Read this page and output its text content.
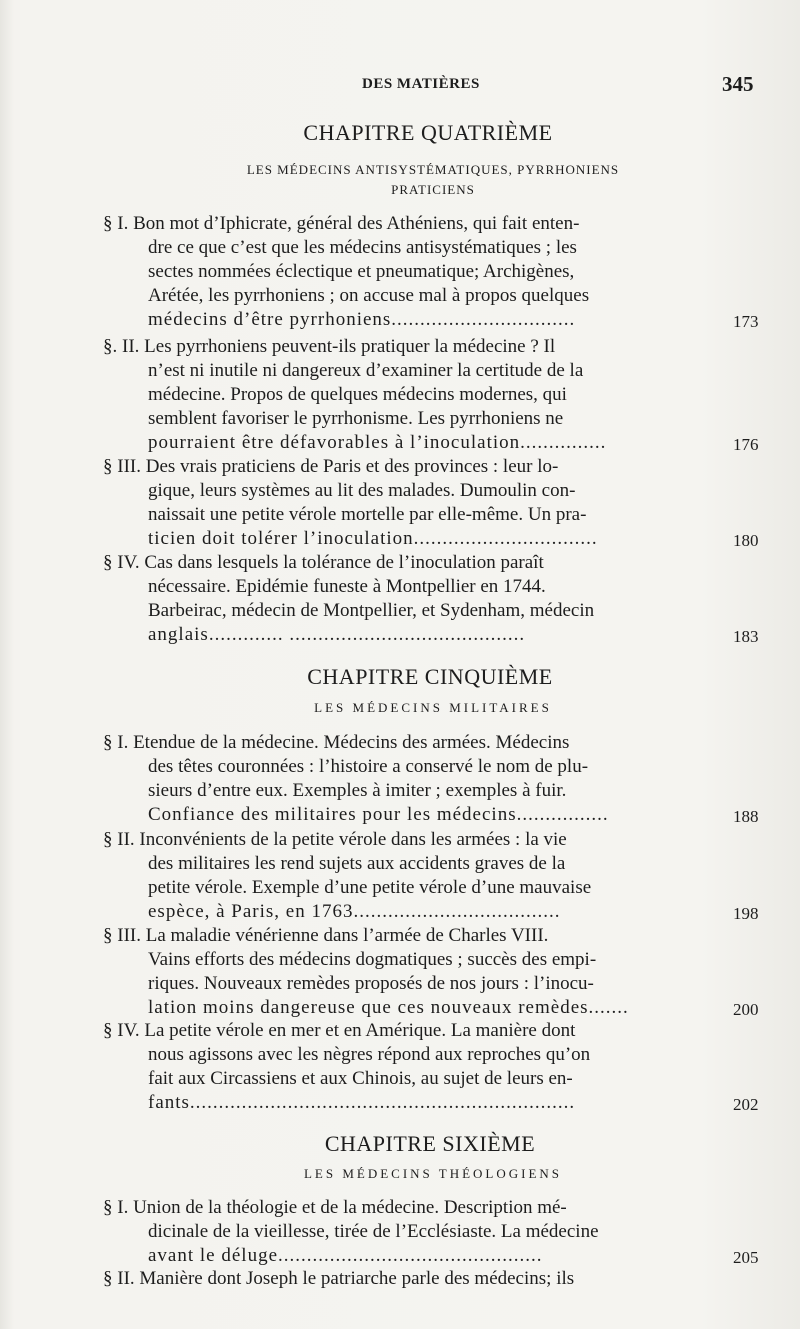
DES MATIÈRES	345
CHAPITRE QUATRIÈME
LES MÉDECINS ANTISYSTÉMATIQUES, PYRRHONIENS
PRATICIENS
§ I. Bon mot d’Iphicrate, général des Athéniens, qui fait enten-
dre ce que c’est que les médecins antisystématiques ; les
sectes nommées éclectique et pneumatique; Archigènes,
Arétée, les pyrrhoniens ; on accuse mal à propos quelques
médecins d’être pyrrhoniens................................	173
§. II. Les pyrrhoniens peuvent-ils pratiquer la médecine ? Il
n’est ni inutile ni dangereux d’examiner la certitude de la
médecine. Propos de quelques médecins modernes, qui
semblent favoriser le pyrrhonisme. Les pyrrhoniens ne
pourraient être défavorables à l’inoculation...............	176
§ III. Des vrais praticiens de Paris et des provinces : leur lo-
gique, leurs systèmes au lit des malades. Dumoulin con-
naissait une petite vérole mortelle par elle-même. Un pra-
ticien doit tolérer l’inoculation................................	180
§ IV. Cas dans lesquels la tolérance de l’inoculation paraît
nécessaire. Epidémie funeste à Montpellier en 1744.
Barbeirac, médecin de Montpellier, et Sydenham, médecin
anglais............. .........................................	183
CHAPITRE CINQUIÈME
LES MÉDECINS MILITAIRES
§ I. Etendue de la médecine. Médecins des armées. Médecins
des têtes couronnées : l’histoire a conservé le nom de plu-
sieurs d’entre eux. Exemples à imiter ; exemples à fuir.
Confiance des militaires pour les médecins................	188
§ II. Inconvénients de la petite vérole dans les armées : la vie
des militaires les rend sujets aux accidents graves de la
petite vérole. Exemple d’une petite vérole d’une mauvaise
espèce, à Paris, en 1763....................................	198
§ III. La maladie vénérienne dans l’armée de Charles VIII.
Vains efforts des médecins dogmatiques ; succès des empi-
riques. Nouveaux remèdes proposés de nos jours : l’inocu-
lation moins dangereuse que ces nouveaux remèdes.......	200
§ IV. La petite vérole en mer et en Amérique. La manière dont
nous agissons avec les nègres répond aux reproches qu’on
fait aux Circassiens et aux Chinois, au sujet de leurs en-
fants...................................................................	202
CHAPITRE SIXIÈME
LES MÉDECINS THÉOLOGIENS
§ I. Union de la théologie et de la médecine. Description mé-
dicinale de la vieillesse, tirée de l’Ecclésiaste. La médecine
avant le déluge..............................................	205
§ II. Manière dont Joseph le patriarche parle des médecins; ils
